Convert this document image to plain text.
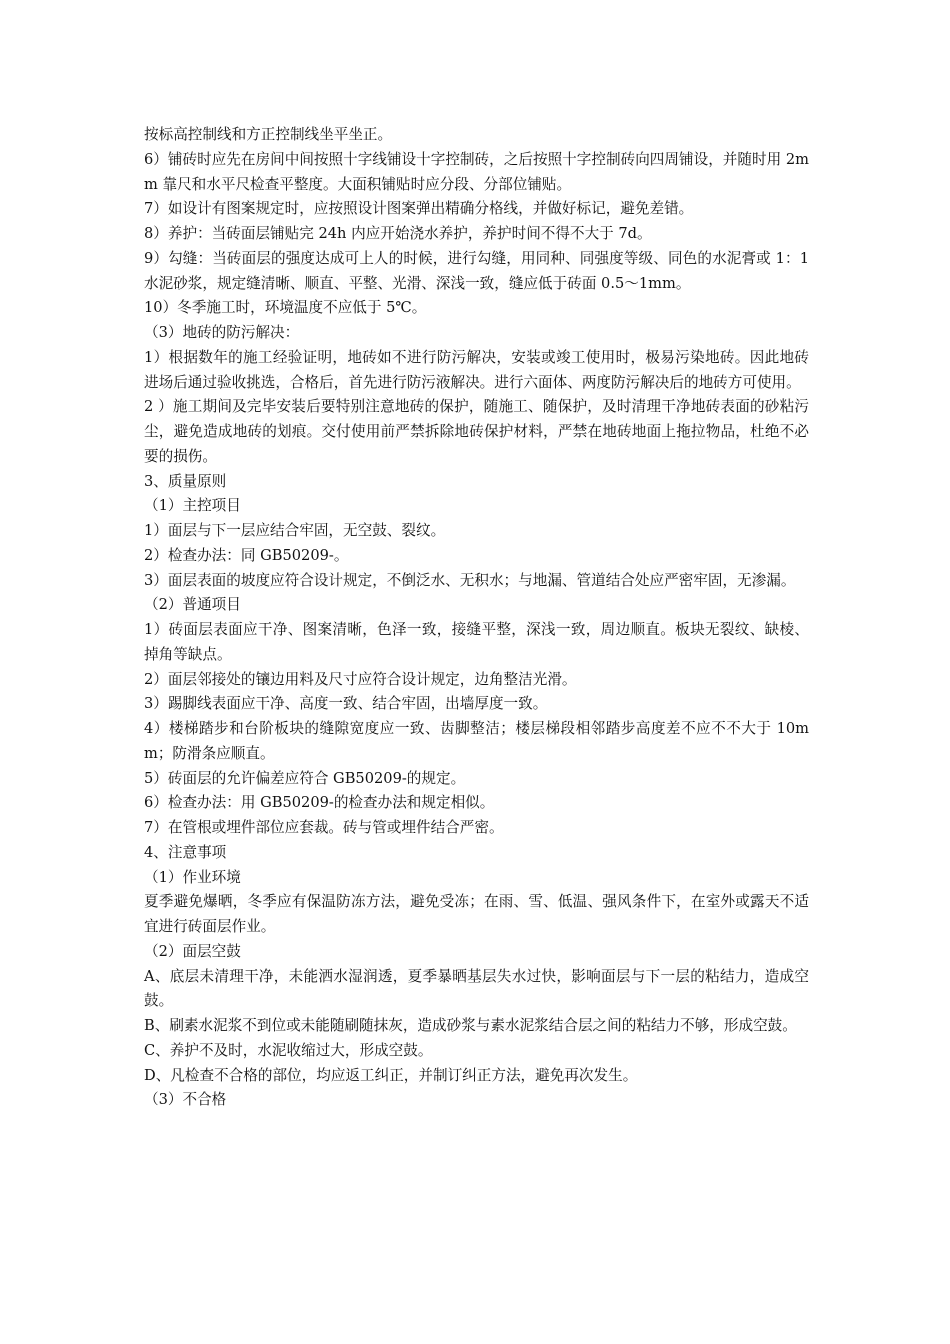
按标高控制线和方正控制线坐平坐正。

6）铺砖时应先在房间中间按照十字线铺设十字控制砖，之后按照十字控制砖向四周铺设，并随时用 2mm 靠尺和水平尺检查平整度。大面积铺贴时应分段、分部位铺贴。

7）如设计有图案规定时，应按照设计图案弹出精确分格线，并做好标记，避免差错。

8）养护：当砖面层铺贴完 24h 内应开始浇水养护，养护时间不得不大于 7d。

9）勾缝：当砖面层的强度达成可上人的时候，进行勾缝，用同种、同强度等级、同色的水泥膏或 1：1 水泥砂浆，规定缝清晰、顺直、平整、光滑、深浅一致，缝应低于砖面 0.5～1mm。

10）冬季施工时，环境温度不应低于 5℃。

（3）地砖的防污解决：

1）根据数年的施工经验证明，地砖如不进行防污解决，安装或竣工使用时，极易污染地砖。因此地砖进场后通过验收挑选，合格后，首先进行防污液解决。进行六面体、两度防污解决后的地砖方可使用。

2 ）施工期间及完毕安装后要特别注意地砖的保护，随施工、随保护，及时清理干净地砖表面的砂粘污尘，避免造成地砖的划痕。交付使用前严禁拆除地砖保护材料，严禁在地砖地面上拖拉物品，杜绝不必要的损伤。

3、质量原则

（1）主控项目

1）面层与下一层应结合牢固，无空鼓、裂纹。

2）检查办法：同 GB50209-。

3）面层表面的坡度应符合设计规定，不倒泛水、无积水；与地漏、管道结合处应严密牢固，无渗漏。

（2）普通项目

1）砖面层表面应干净、图案清晰，色泽一致，接缝平整，深浅一致，周边顺直。板块无裂纹、缺棱、掉角等缺点。

2）面层邻接处的镶边用料及尺寸应符合设计规定，边角整洁光滑。

3）踢脚线表面应干净、高度一致、结合牢固，出墙厚度一致。

4）楼梯踏步和台阶板块的缝隙宽度应一致、齿脚整洁；楼层梯段相邻踏步高度差不应不不大于 10mm；防滑条应顺直。

5）砖面层的允许偏差应符合 GB50209-的规定。

6）检查办法：用 GB50209-的检查办法和规定相似。

7）在管根或埋件部位应套裁。砖与管或埋件结合严密。

4、注意事项

（1）作业环境

夏季避免爆晒，冬季应有保温防冻方法，避免受冻；在雨、雪、低温、强风条件下，在室外或露天不适宜进行砖面层作业。

（2）面层空鼓

A、底层未清理干净，未能洒水湿润透，夏季暴晒基层失水过快，影响面层与下一层的粘结力，造成空鼓。

B、刷素水泥浆不到位或未能随刷随抹灰，造成砂浆与素水泥浆结合层之间的粘结力不够，形成空鼓。

C、养护不及时，水泥收缩过大，形成空鼓。

D、凡检查不合格的部位，均应返工纠正，并制订纠正方法，避免再次发生。

（3）不合格
